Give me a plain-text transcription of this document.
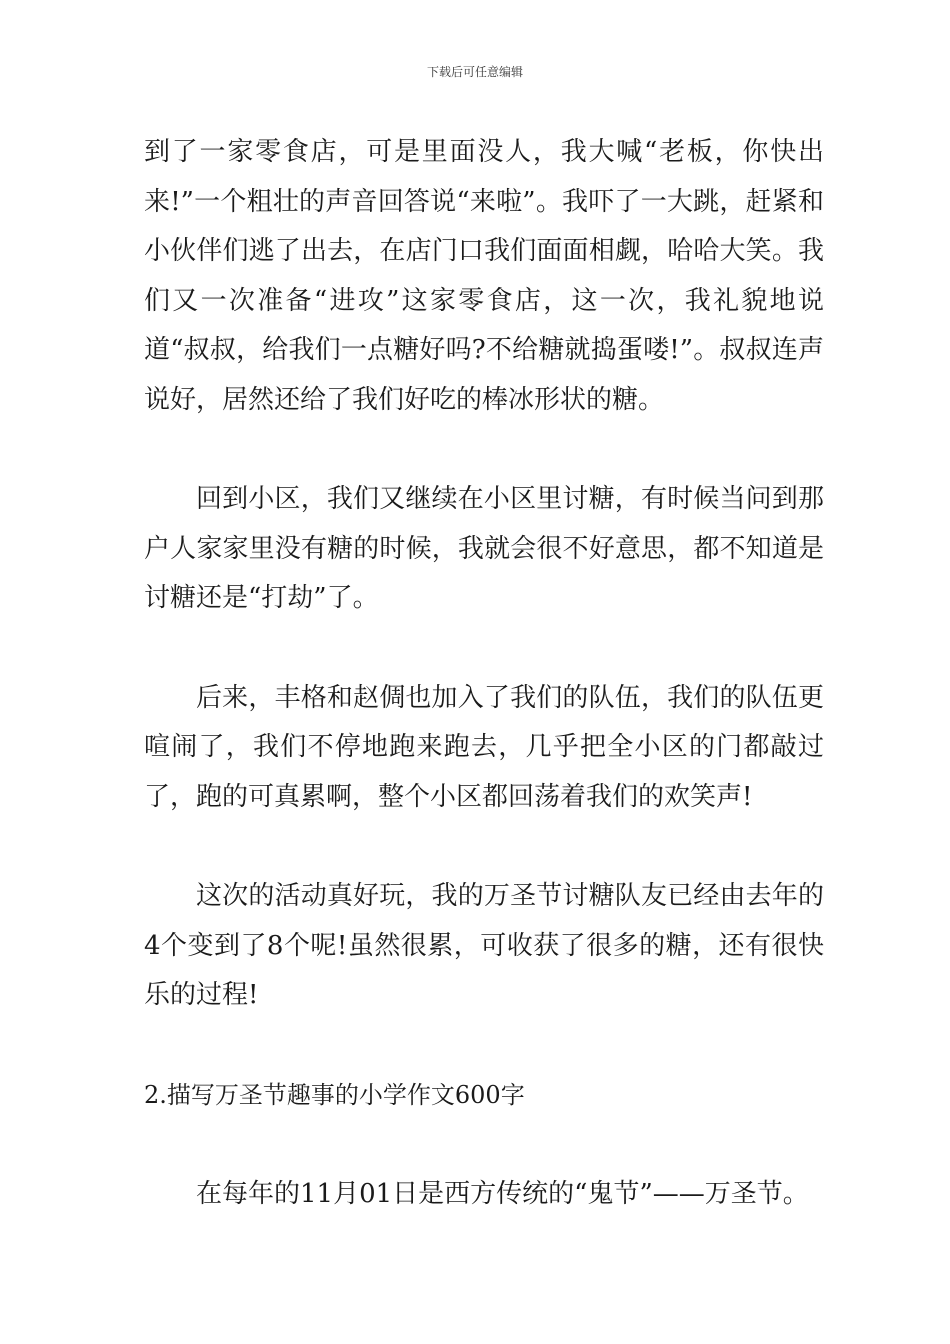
下载后可任意编辑

到了一家零食店，可是里面没人，我大喊“老板，你快出来!”一个粗壮的声音回答说“来啦”。我吓了一大跳，赶紧和小伙伴们逃了出去，在店门口我们面面相觑，哈哈大笑。我们又一次准备“进攻”这家零食店，这一次，我礼貌地说道“叔叔，给我们一点糖好吗?不给糖就捣蛋喽!”。叔叔连声说好，居然还给了我们好吃的棒冰形状的糖。

回到小区，我们又继续在小区里讨糖，有时候当问到那户人家家里没有糖的时候，我就会很不好意思，都不知道是讨糖还是“打劫”了。

后来，丰格和赵倜也加入了我们的队伍，我们的队伍更喧闹了，我们不停地跑来跑去，几乎把全小区的门都敲过了，跑的可真累啊，整个小区都回荡着我们的欢笑声!

这次的活动真好玩，我的万圣节讨糖队友已经由去年的4个变到了8个呢!虽然很累，可收获了很多的糖，还有很快乐的过程!

2.描写万圣节趣事的小学作文600字

在每年的11月01日是西方传统的“鬼节”——万圣节。
